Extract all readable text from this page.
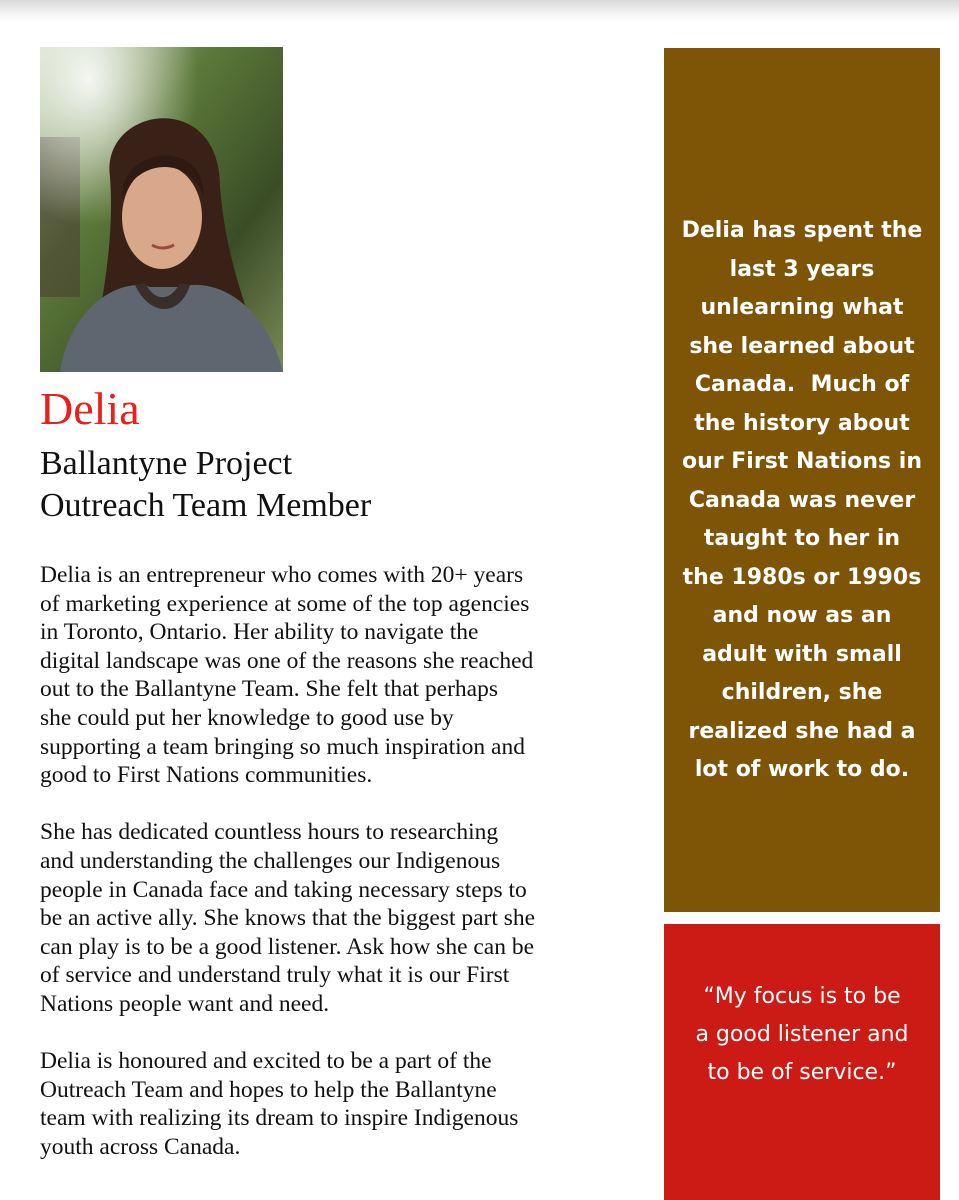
Delia
Ballantyne Project
Outreach Team Member

Delia is an entrepreneur who comes with 20+ years
of marketing experience at some of the top agencies
in Toronto, Ontario. Her ability to navigate the
digital landscape was one of the reasons she reached
out to the Ballantyne Team. She felt that perhaps
she could put her knowledge to good use by
supporting a team bringing so much inspiration and
good to First Nations communities.

She has dedicated countless hours to researching
and understanding the challenges our Indigenous
people in Canada face and taking necessary steps to
be an active ally. She knows that the biggest part she
can play is to be a good listener. Ask how she can be
of service and understand truly what it is our First
Nations people want and need.

Delia is honoured and excited to be a part of the
Outreach Team and hopes to help the Ballantyne
team with realizing its dream to inspire Indigenous
youth across Canada.

Delia has spent the
last 3 years
unlearning what
she learned about
Canada.  Much of
the history about
our First Nations in
Canada was never
taught to her in
the 1980s or 1990s
and now as an
adult with small
children, she
realized she had a
lot of work to do.
“My focus is to be
a good listener and
to be of service.”
